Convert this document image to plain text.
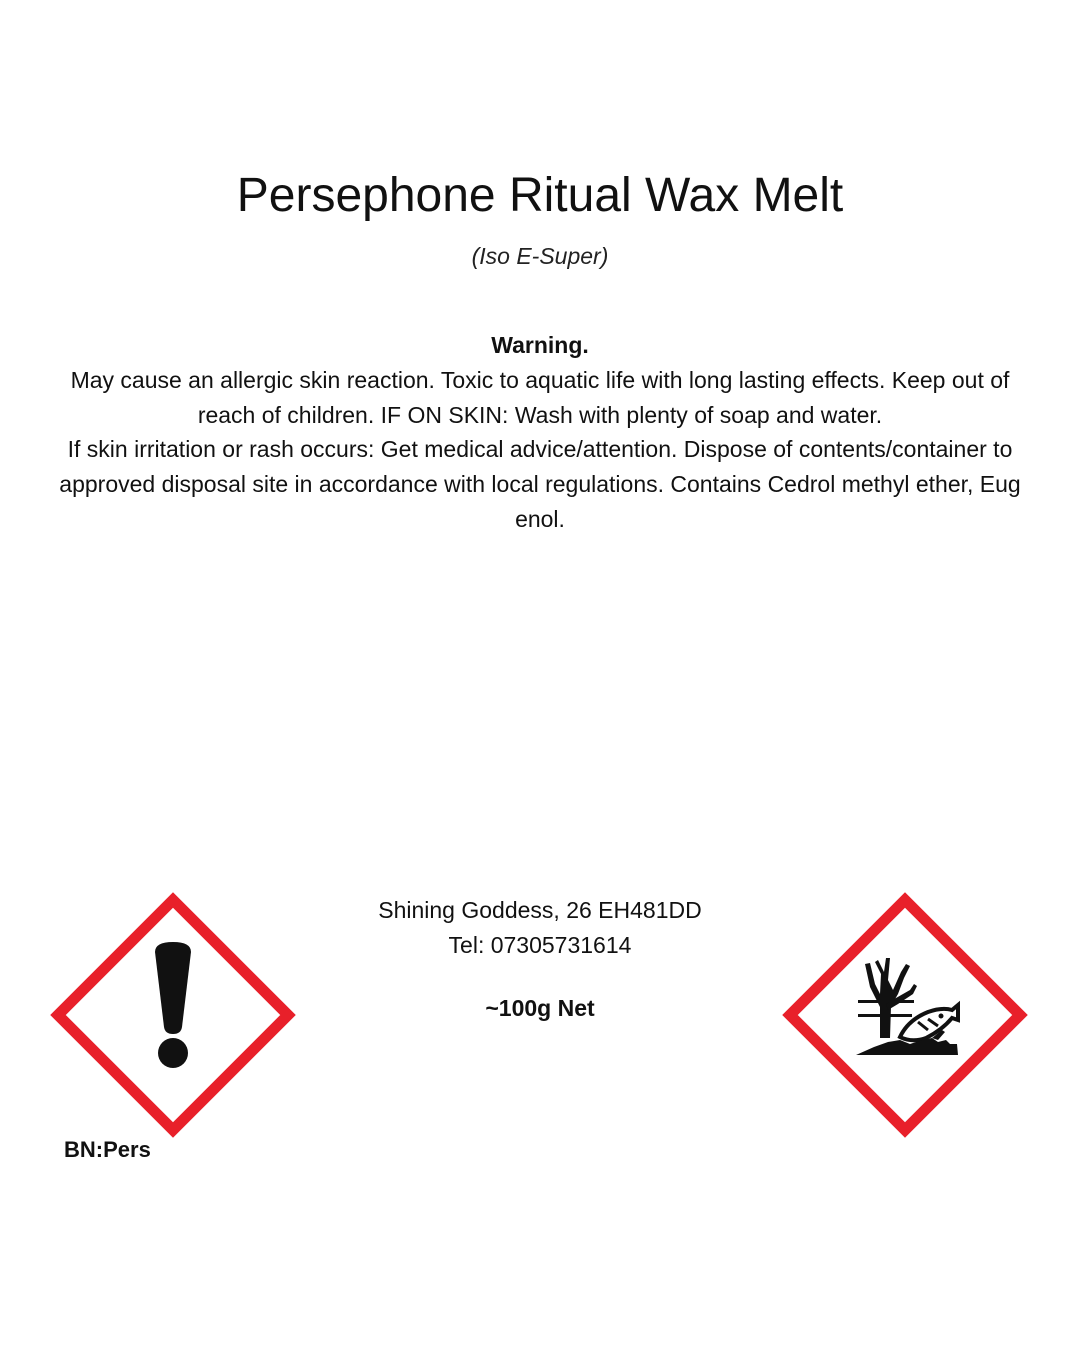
Persephone Ritual Wax Melt
(Iso E-Super)
Warning.
May cause an allergic skin reaction. Toxic to aquatic life with long lasting effects. Keep out of
reach of children. IF ON SKIN: Wash with plenty of soap and water.
If skin irritation or rash occurs: Get medical advice/attention. Dispose of contents/container to
approved disposal site in accordance with local regulations. Contains Cedrol methyl ether, Eug
enol.
Shining Goddess, 26 EH481DD
Tel: 07305731614
~100g Net
BN:Pers
